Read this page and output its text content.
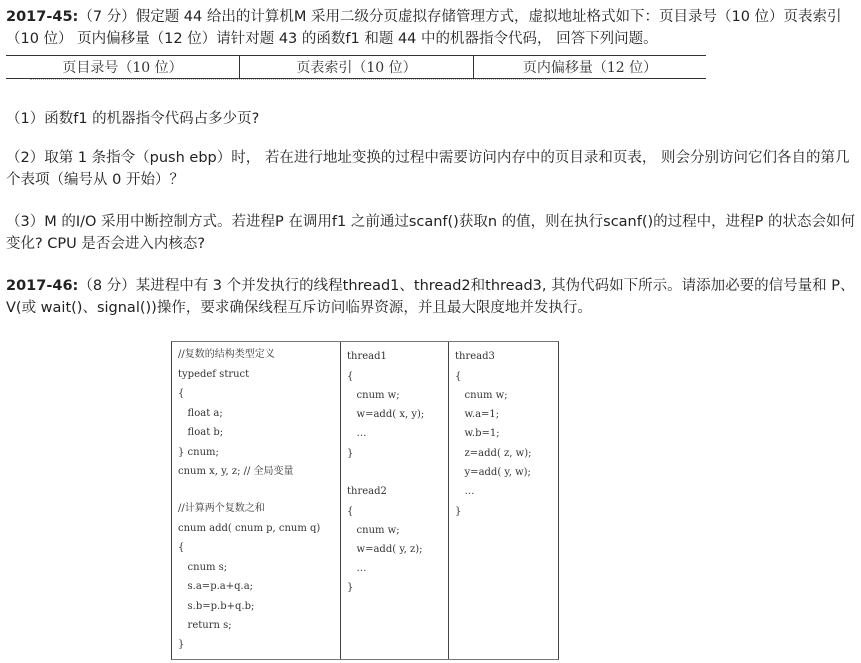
2017-45:（7 分）假定题 44 给出的计算机M 采用二级分页虚拟存储管理方式，虚拟地址格式如下：页目录号（10 位）页表索引（10 位） 页内偏移量（12 位）请针对题 43 的函数f1 和题 44 中的机器指令代码， 回答下列问题。

页目录号（10 位）	页表索引（10 位）	页内偏移量（12 位）

（1）函数f1 的机器指令代码占多少页?

（2）取第 1 条指令（push ebp）时， 若在进行地址变换的过程中需要访问内存中的页目录和页表， 则会分别访问它们各自的第几个表项（编号从 0 开始）？

（3）M 的I/O 采用中断控制方式。若进程P 在调用f1 之前通过scanf()获取n 的值，则在执行scanf()的过程中，进程P 的状态会如何变化? CPU 是否会进入内核态?

2017-46:（8 分）某进程中有 3 个并发执行的线程thread1、thread2和thread3, 其伪代码如下所示。请添加必要的信号量和 P、V(或 wait()、signal())操作，要求确保线程互斥访问临界资源，并且最大限度地并发执行。

//复数的结构类型定义
typedef struct
{
float a;
float b;
} cnum;
cnum x, y, z; // 全局变量
//计算两个复数之和
cnum add( cnum p, cnum q)
{
cnum s;
s.a=p.a+q.a;
s.b=p.b+q.b;
return s;
}
thread1
{
cnum w;
w=add( x, y);
…
}
thread2
{
cnum w;
w=add( y, z);
…
}
thread3
{
cnum w;
w.a=1;
w.b=1;
z=add( z, w);
y=add( y, w);
…
}
